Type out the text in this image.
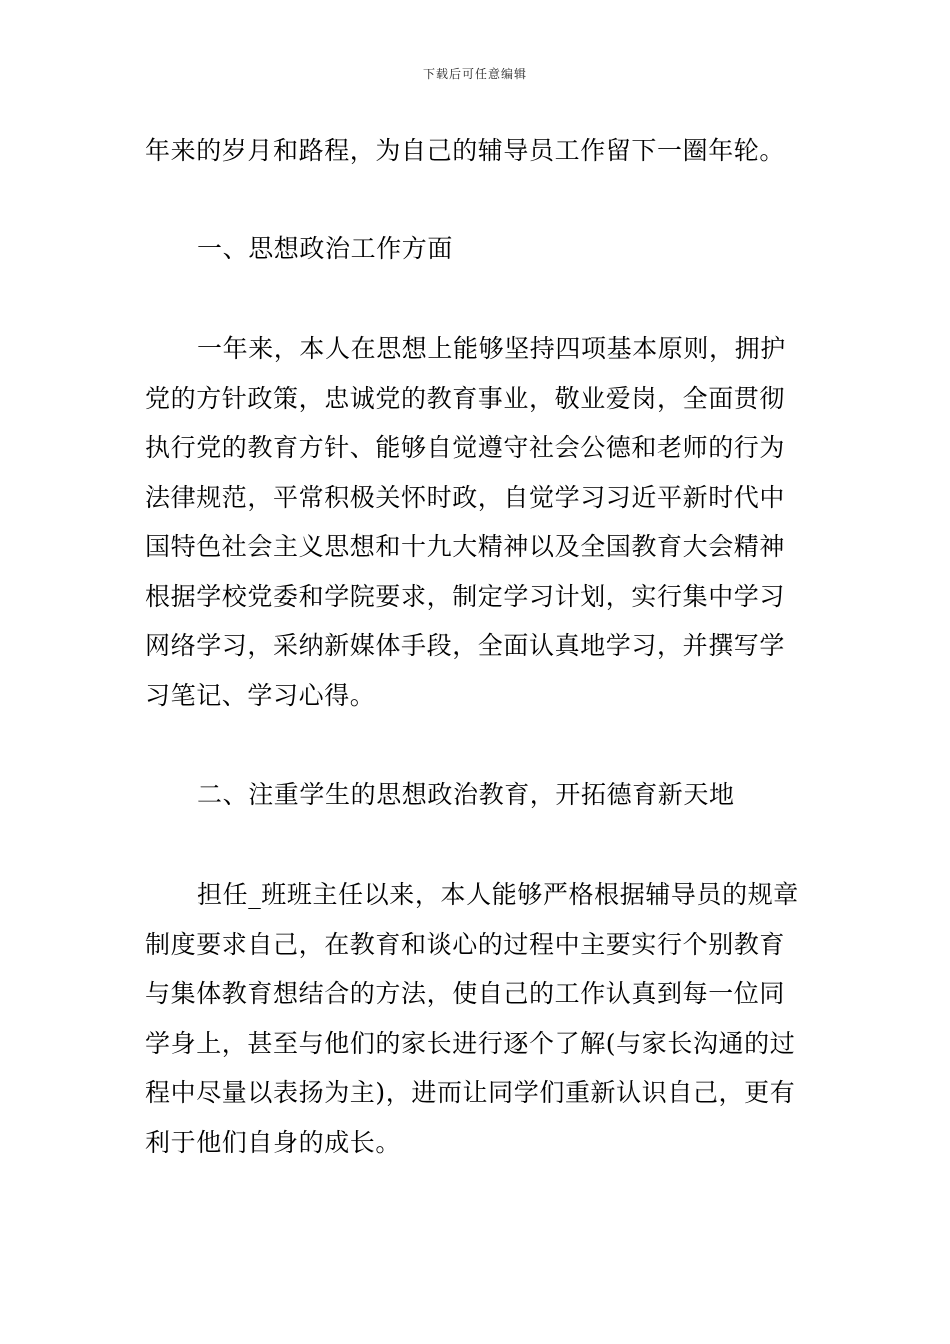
下载后可任意编辑
年来的岁月和路程，为自己的辅导员工作留下一圈年轮。
一、思想政治工作方面
一年来，本人在思想上能够坚持四项基本原则，拥护
党的方针政策，忠诚党的教育事业，敬业爱岗，全面贯彻
执行党的教育方针、能够自觉遵守社会公德和老师的行为
法律规范，平常积极关怀时政，自觉学习习近平新时代中
国特色社会主义思想和十九大精神以及全国教育大会精神
根据学校党委和学院要求，制定学习计划，实行集中学习
网络学习，采纳新媒体手段，全面认真地学习，并撰写学
习笔记、学习心得。
二、注重学生的思想政治教育，开拓德育新天地
担任_班班主任以来，本人能够严格根据辅导员的规章
制度要求自己，在教育和谈心的过程中主要实行个别教育
与集体教育想结合的方法，使自己的工作认真到每一位同
学身上，甚至与他们的家长进行逐个了解(与家长沟通的过
程中尽量以表扬为主)，进而让同学们重新认识自己，更有
利于他们自身的成长。
